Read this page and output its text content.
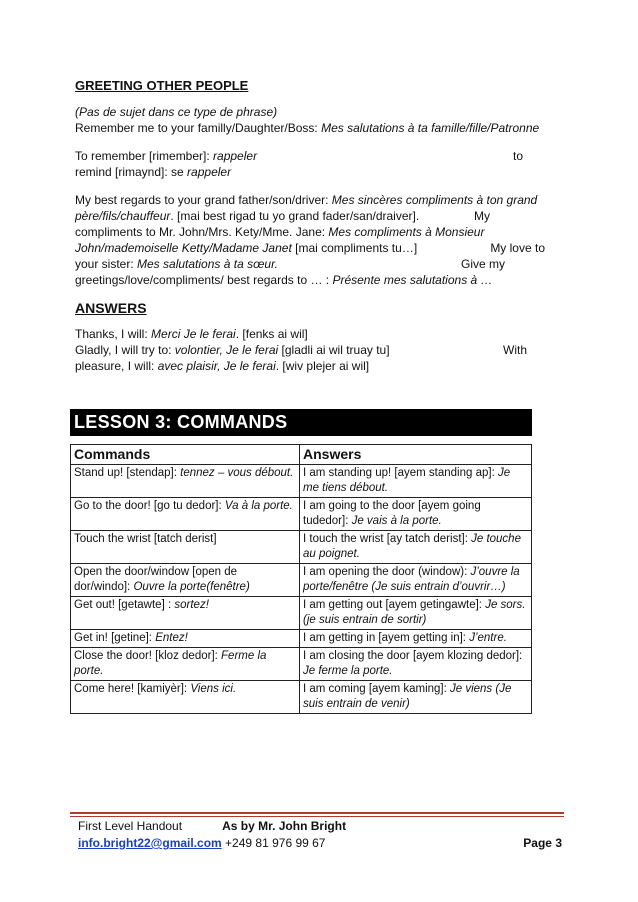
GREETING OTHER PEOPLE
(Pas de sujet dans ce type de phrase)
Remember me to your familly/Daughter/Boss: Mes salutations à ta famille/fille/Patronne
To remember [rimember]: rappeler	to
remind [rimaynd]: se rappeler
My best regards to your grand father/son/driver: Mes sincères compliments à ton grand
père/fils/chauffeur. [mai best rigad tu yo grand fader/san/draiver].	My
compliments to Mr. John/Mrs. Kety/Mme. Jane: Mes compliments à Monsieur
John/mademoiselle Ketty/Madame Janet [mai compliments tu…]	My love to
your sister: Mes salutations à ta sœur.	Give my
greetings/love/compliments/ best regards to … : Présente mes salutations à …
ANSWERS
Thanks, I will: Merci Je le ferai. [fenks ai wil]
Gladly, I will try to: volontier, Je le ferai [gladli ai wil truay tu]	With
pleasure, I will: avec plaisir, Je le ferai. [wiv plejer ai wil]
LESSON 3: COMMANDS
Commands	Answers
Stand up! [stendap]: tennez – vous débout.	I am standing up! [ayem standing ap]: Je me tiens débout.
Go to the door! [go tu dedor]: Va à la porte.	I am going to the door [ayem going tudedor]: Je vais à la porte.
Touch the wrist [tatch derist]	I touch the wrist [ay tatch derist]: Je touche au poignet.
Open the door/window [open de dor/windo]: Ouvre la porte(fenêtre)	I am opening the door (window): J’ouvre la porte/fenêtre (Je suis entrain d’ouvrir…)
Get out! [getawte] : sortez!	I am getting out [ayem getingawte]: Je sors. (je suis entrain de sortir)
Get in! [getine]: Entez!	I am getting in [ayem getting in]: J’entre.
Close the door! [kloz dedor]: Ferme la porte.	I am closing the door [ayem klozing dedor]: Je ferme la porte.
Come here! [kamiyèr]: Viens ici.	I am coming [ayem kaming]: Je viens (Je suis entrain de venir)
First Level Handout	As by Mr. John Bright
info.bright22@gmail.com +249 81 976 99 67	Page 3
